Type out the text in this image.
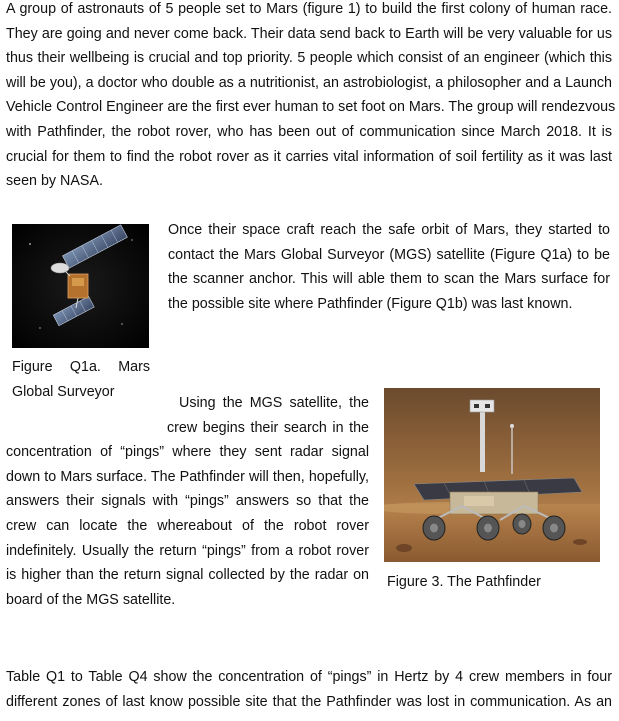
A group of astronauts of 5 people set to Mars (figure 1) to build the first colony of human race.
They are going and never come back. Their data send back to Earth will be very valuable for us
thus their wellbeing is crucial and top priority. 5 people which consist of an engineer (which this
will be you), a doctor who double as a nutritionist, an astrobiologist, a philosopher and a Launch
Vehicle Control Engineer are the first ever human to set foot on Mars. The group will rendezvous
with Pathfinder, the robot rover, who has been out of communication since March 2018. It is
crucial for them to find the robot rover as it carries vital information of soil fertility as it was last
seen by NASA.
Once their space craft reach the safe orbit of Mars, they started to
contact the Mars Global Surveyor (MGS) satellite (Figure Q1a) to be
the scanner anchor. This will able them to scan the Mars surface for
the possible site where Pathfinder (Figure Q1b) was last known.
Figure Q1a. Mars
Global Surveyor
Using the MGS satellite, the
crew begins their search in the
concentration of “pings” where they sent radar signal
down to Mars surface. The Pathfinder will then, hopefully,
answers their signals with “pings” answers so that the
crew can locate the whereabout of the robot rover
indefinitely. Usually the return “pings” from a robot rover
is higher than the return signal collected by the radar on
board of the MGS satellite.
Figure 3. The Pathfinder
Table Q1 to Table Q4 show the concentration of “pings” in Hertz by 4 crew members in four
different zones of last know possible site that the Pathfinder was lost in communication. As an
